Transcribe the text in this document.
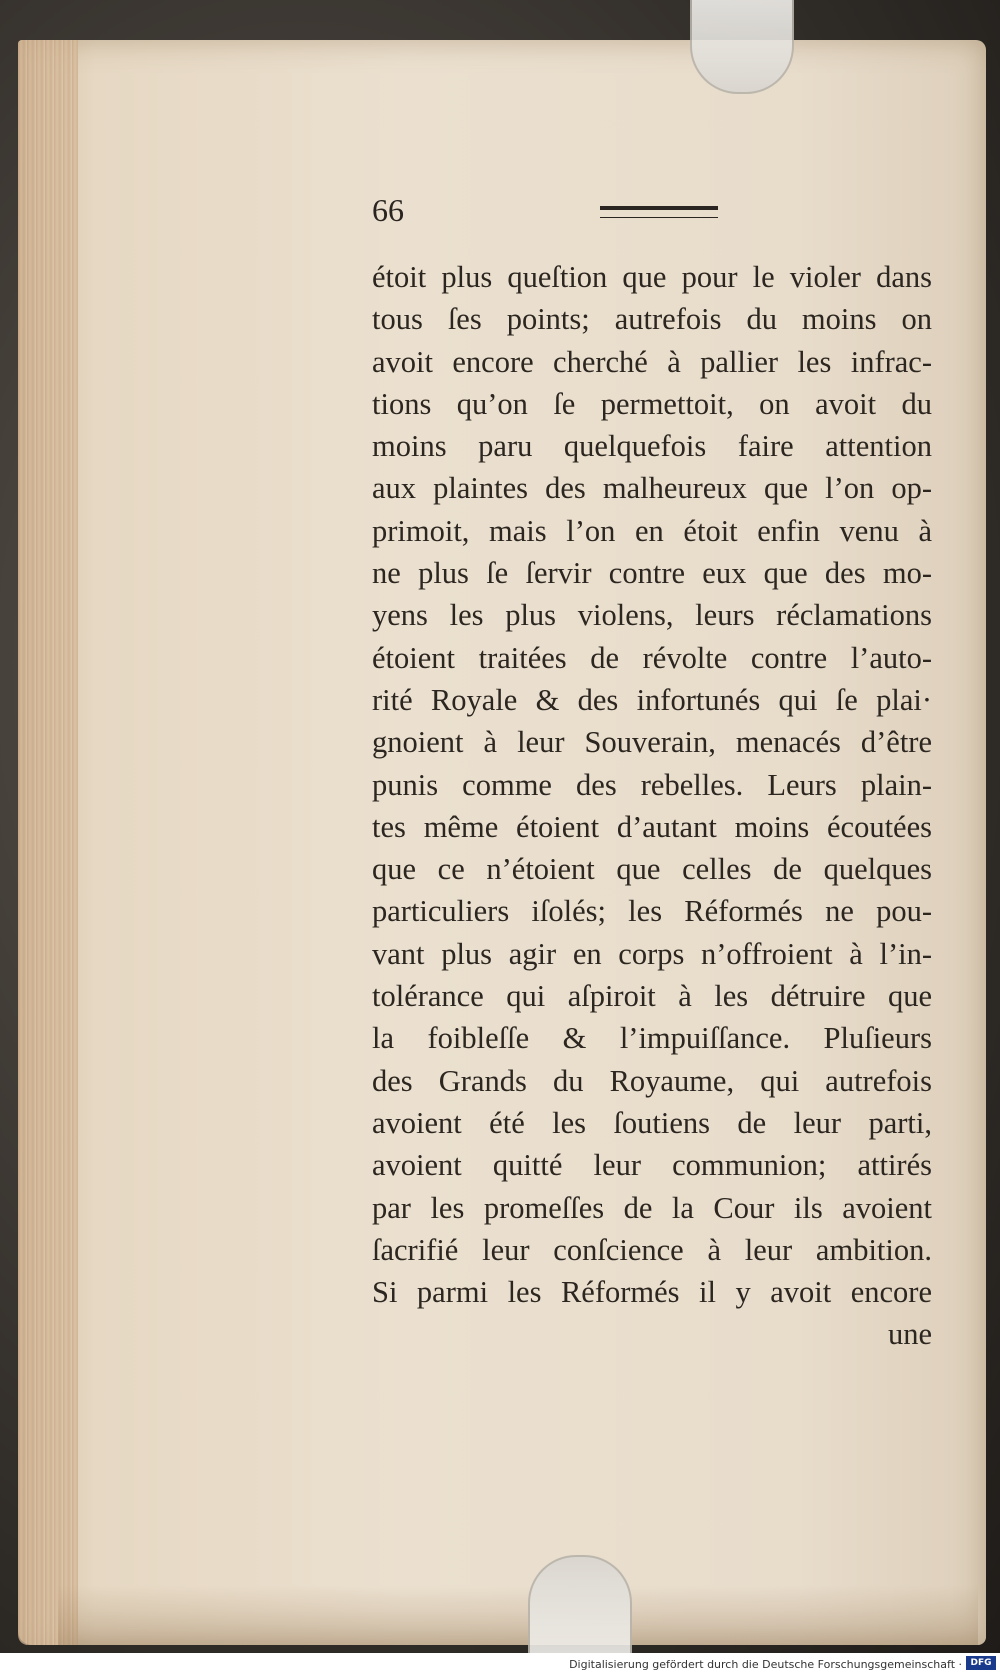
66
étoit plus queſtion que pour le violer dans
tous ſes points; autrefois du moins on
avoit encore cherché à pallier les infrac-
tions qu’on ſe permettoit, on avoit du
moins paru quelquefois faire attention
aux plaintes des malheureux que l’on op-
primoit, mais l’on en étoit enfin venu à
ne plus ſe ſervir contre eux que des mo-
yens les plus violens, leurs réclamations
étoient traitées de révolte contre l’auto-
rité Royale & des infortunés qui ſe plai·
gnoient à leur Souverain, menacés d’être
punis comme des rebelles. Leurs plain-
tes même étoient d’autant moins écoutées
que ce n’étoient que celles de quelques
particuliers iſolés; les Réformés ne pou-
vant plus agir en corps n’offroient à l’in-
tolérance qui aſpiroit à les détruire que
la foibleſſe & l’impuiſſance. Pluſieurs
des Grands du Royaume, qui autrefois
avoient été les ſoutiens de leur parti,
avoient quitté leur communion; attirés
par les promeſſes de la Cour ils avoient
ſacrifié leur conſcience à leur ambition.
Si parmi les Réformés il y avoit encore
une
Digitalisierung gefördert durch die Deutsche Forschungsgemeinschaft · DFG
